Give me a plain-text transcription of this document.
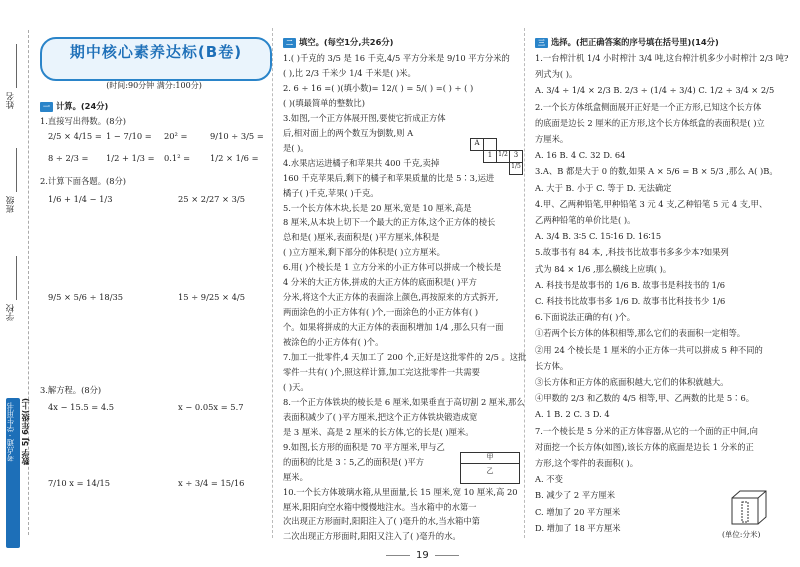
姓名
班级
学校
考点通 · 学生用书 数学 5J 6年级(上)
期中核心素养达标(B卷)
(时间:90分钟 满分:100分)
一 计算。(24分)
1.直接写出得数。(8分)
2/5 × 4/15 = 1 − 7/10 = 20² =	9/10 ÷ 3/5 =
8 ÷ 2/3 = 1/2 + 1/3 = 0.1² = 1/2 × 1/6 =
2.计算下面各题。(8分)
1/6 + 1/4 − 1/3	25 × 2/27 × 3/5
9/5 × 5/6 ÷ 18/35	15 ÷ 9/25 × 4/5
3.解方程。(8分)
4x − 15.5 = 4.5	x − 0.05x = 5.7
7/10 x = 14/15	x ÷ 3/4 = 15/16
二 填空。(每空1分,共26分)
1.( )千克的 3/5 是 16 千克,4/5 平方分米是 9/10 平方分米的
( ),比 2/3 千米少 1/4 千米是( )米。
2. 6 ÷ 16 =( )(填小数)= 12/( ) = 5/( ) =( ) ÷ ( )
( )(填最简单的整数比)
3.如图,一个正方体展开图,要使它折成正方体
后,相对面上的两个数互为倒数,则 A
是( )。
4.水果店运进橘子和苹果共 400 千克,卖掉
160 千克苹果后,剩下的橘子和苹果质量的比是 5∶3,运进
橘子( )千克,苹果( )千克。
5.一个长方体木块,长是 20 厘米,宽是 10 厘米,高是
8 厘米,从本块上切下一个最大的正方体,这个正方体的棱长
总和是( )厘米,表面积是( )平方厘米,体积是
( )立方厘米,剩下部分的体积是( )立方厘米。
6.用( )个棱长是 1 立方分米的小正方体可以拼成一个棱长是
4 分米的大正方体,拼成的大正方体的底面积是( )平方
分米,将这个大正方体的表面涂上颜色,再按原来的方式拆开,
两面涂色的小正方体有( )个,一面涂色的小正方体有( )
个。如果将拼成的大正方体的表面积增加 1/4 ,那么只有一面
被涂色的小正方体有( )个。
7.加工一批零件,4 天加工了 200 个,正好是这批零件的 2/5 。这批
零件一共有( )个,照这样计算,加工完这批零件一共需要
( )天。
8.一个正方体铁块的棱长是 6 厘米,如果垂直于高切割 2 厘米,那么
表面积减少了( )平方厘米,把这个正方体铁块锻造成宽
是 3 厘米、高是 2 厘米的长方体,它的长是( )厘米。
9.如图,长方形的面积是 70 平方厘米,甲与乙
的面积的比是 3∶5,乙的面积是( )平方
厘米。
10.一个长方体玻璃水箱,从里面量,长 15 厘米,宽 10 厘米,高 20
厘米,阳阳向空水箱中慢慢地注水。当水箱中的水第一
次出现正方形面时,阳阳注入了( )毫升的水,当水箱中第
二次出现正方形面时,阳阳又注入了( )毫升的水。
A
1 1/2 3
1/5
甲
乙
三 选择。(把正确答案的序号填在括号里)(14分)
1.一台榨汁机 1/4 小时榨汁 3/4 吨,这台榨汁机多少小时榨汁 2/3 吨?
列式为( )。
A. 3/4 ÷ 1/4 × 2/3 B. 2/3 ÷ (1/4 ÷ 3/4) C. 1/2 ÷ 3/4 × 2/5
2.一个长方体纸盒侧面展开正好是一个正方形,已知这个长方体
的底面是边长 2 厘米的正方形,这个长方体纸盒的表面积是( )立
方厘米。
A. 16 B. 4 C. 32 D. 64
3.A、B 都是大于 0 的数,如果 A × 5/6 = B × 5/3 ,那么 A( )B。
A. 大于 B. 小于 C. 等于 D. 无法确定
4.甲、乙两种铅笔,甲种铅笔 3 元 4 支,乙种铅笔 5 元 4 支,甲、
乙两种铅笔的单价比是( )。
A. 3/4 B. 3∶5 C. 15∶16 D. 16∶15
5.故事书有 84 本, ,科技书比故事书多多少本?如果列
式为 84 × 1/6 ,那么横线上应填( )。
A. 科技书是故事书的 1/6 B. 故事书是科技书的 1/6
C. 科技书比故事书多 1/6 D. 故事书比科技书少 1/6
6.下面说法正确的有( )个。
①若两个长方体的体积相等,那么它们的表面积一定相等。
②用 24 个棱长是 1 厘米的小正方体一共可以拼成 5 种不同的
长方体。
③长方体和正方体的底面积越大,它们的体积就越大。
④甲数的 2/3 和乙数的 4/5 相等,甲、乙两数的比是 5∶6。
A. 1 B. 2 C. 3 D. 4
7.一个棱长是 5 分米的正方体容器,从它的一个面的正中间,向
对面挖一个长方体(如图),该长方体的底面是边长 1 分米的正
方形,这个零件的表面积( )。
A. 不变
B. 减少了 2 平方厘米
C. 增加了 20 平方厘米
D. 增加了 18 平方厘米
(单位:分米)
19
